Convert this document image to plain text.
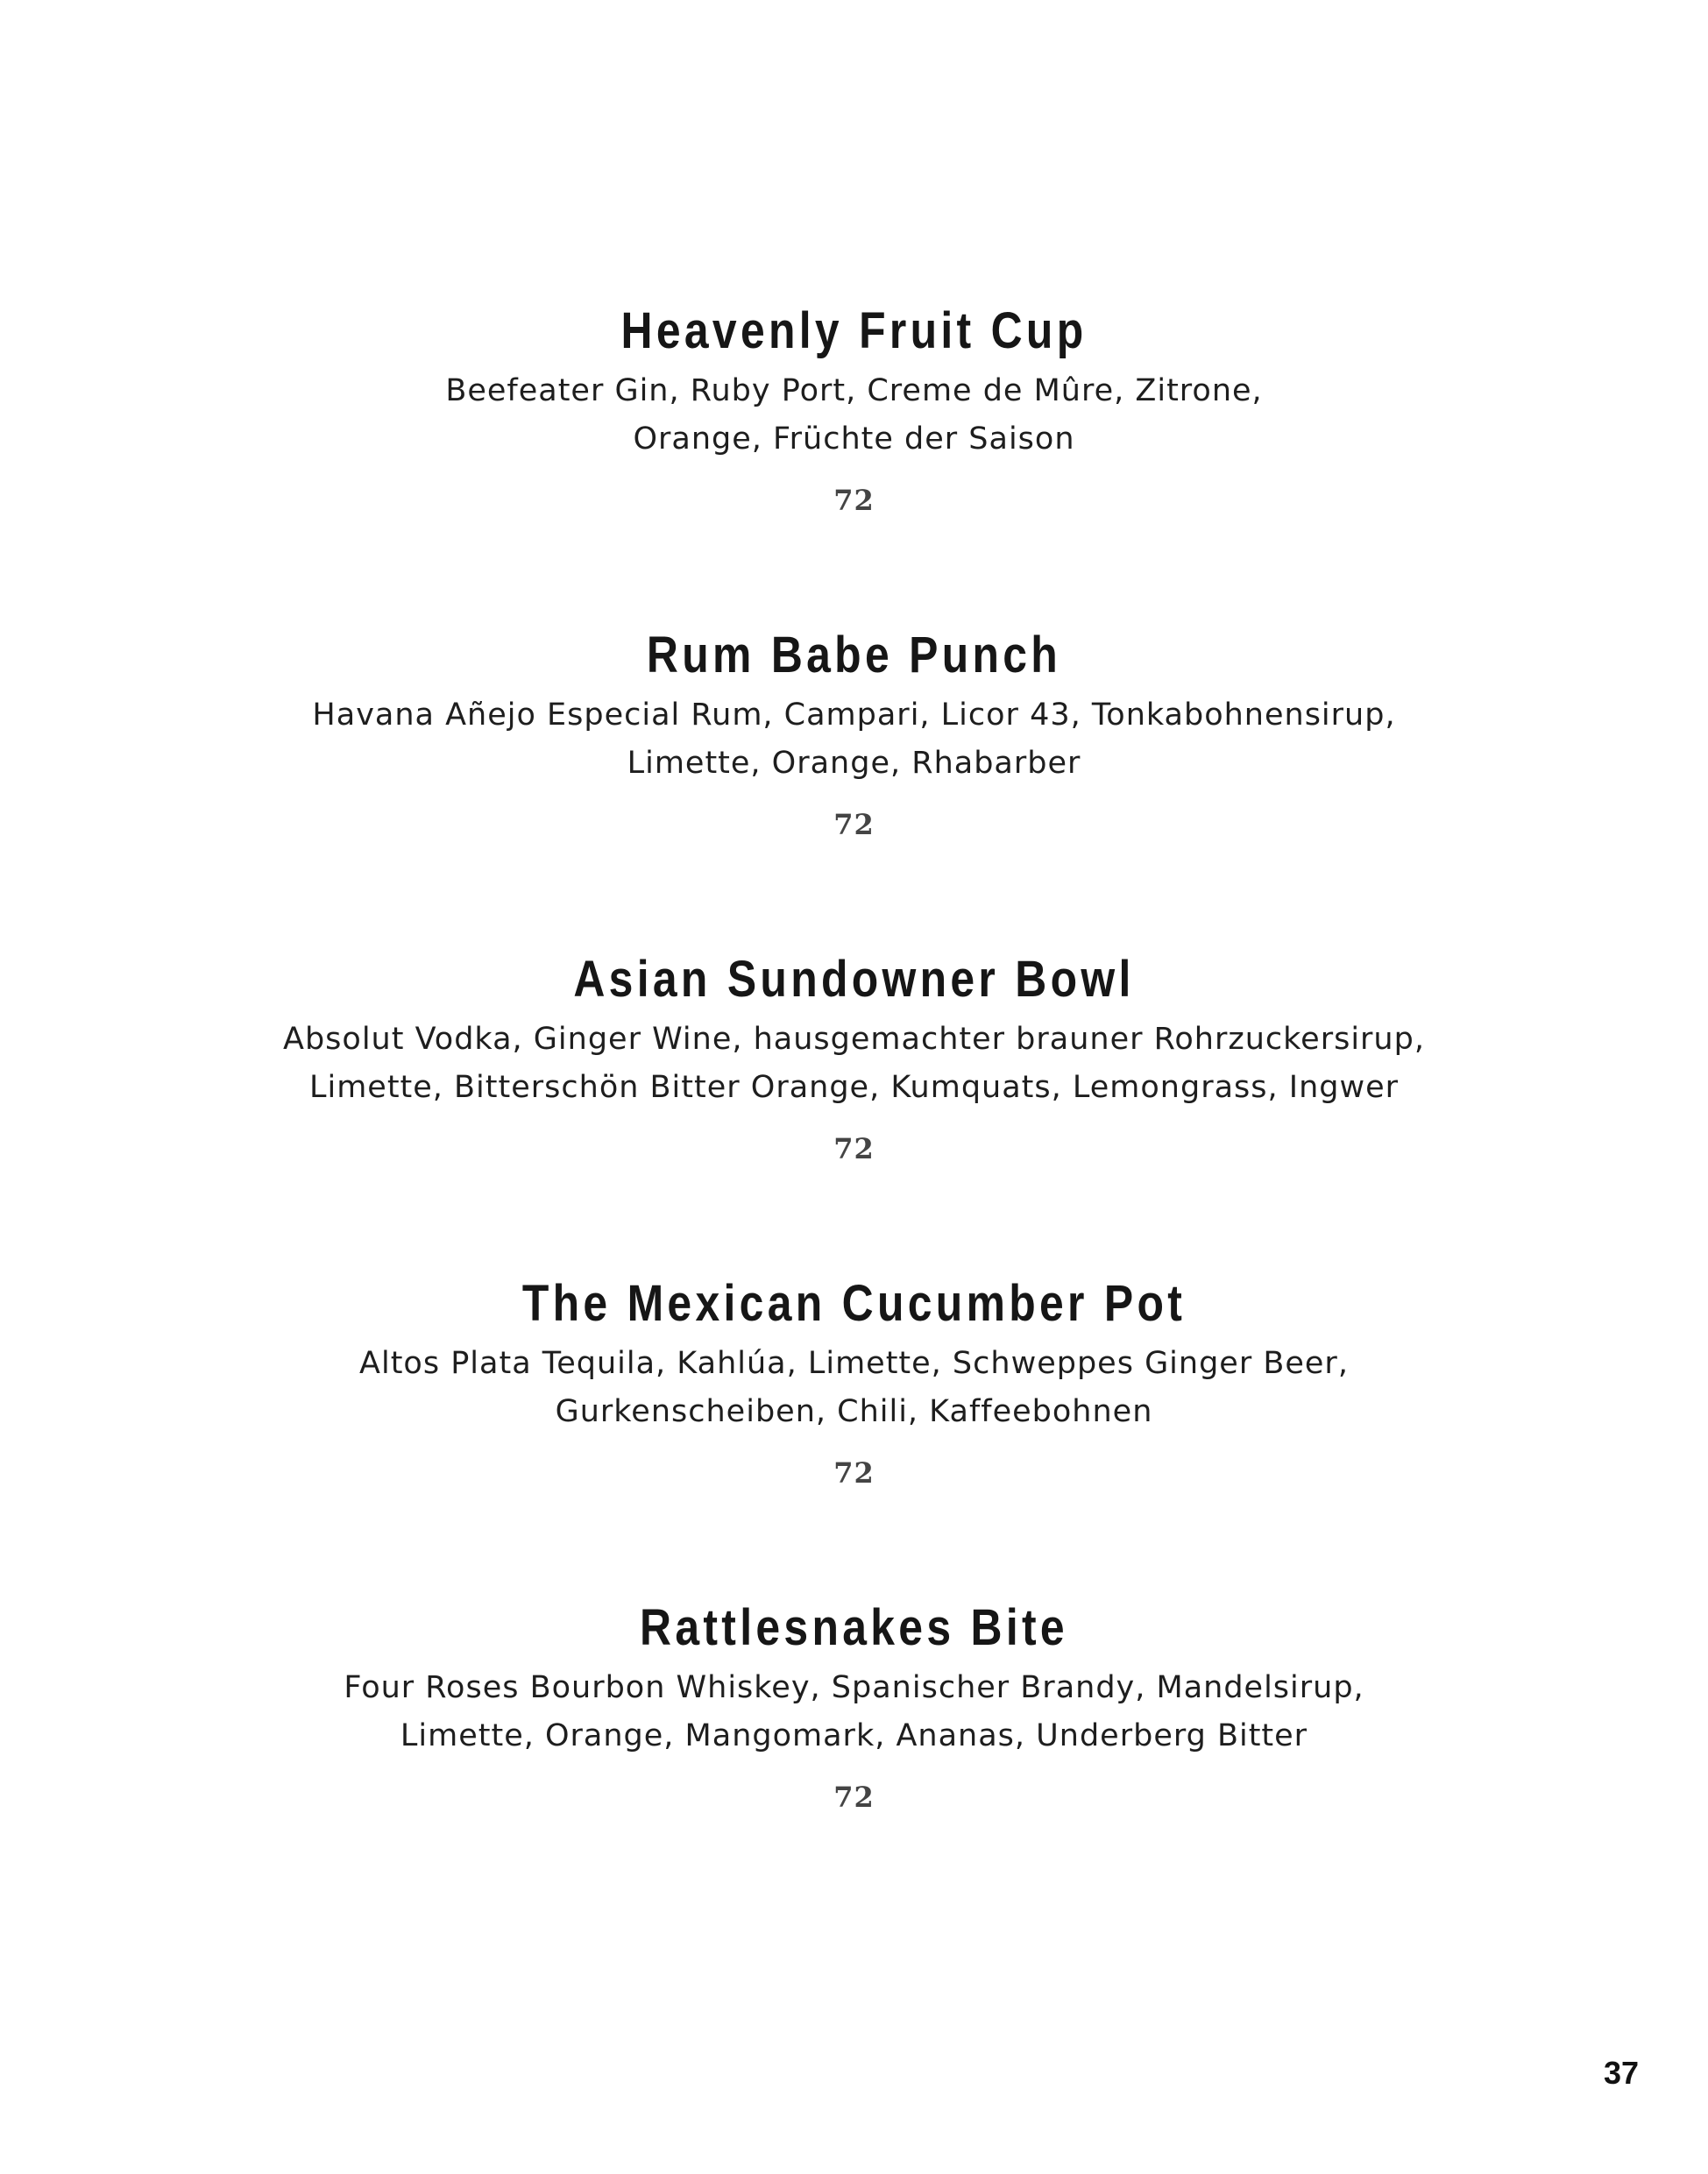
Heavenly Fruit Cup
Beefeater Gin, Ruby Port, Creme de Mûre, Zitrone,
Orange, Früchte der Saison
72
Rum Babe Punch
Havana Añejo Especial Rum, Campari, Licor 43, Tonkabohnensirup,
Limette, Orange, Rhabarber
72
Asian Sundowner Bowl
Absolut Vodka, Ginger Wine, hausgemachter brauner Rohrzuckersirup,
Limette, Bitterschön Bitter Orange, Kumquats, Lemongrass, Ingwer
72
The Mexican Cucumber Pot
Altos Plata Tequila, Kahlúa, Limette, Schweppes Ginger Beer,
Gurkenscheiben, Chili, Kaffeebohnen
72
Rattlesnakes Bite
Four Roses Bourbon Whiskey, Spanischer Brandy, Mandelsirup,
Limette, Orange, Mangomark, Ananas, Underberg Bitter
72
37
